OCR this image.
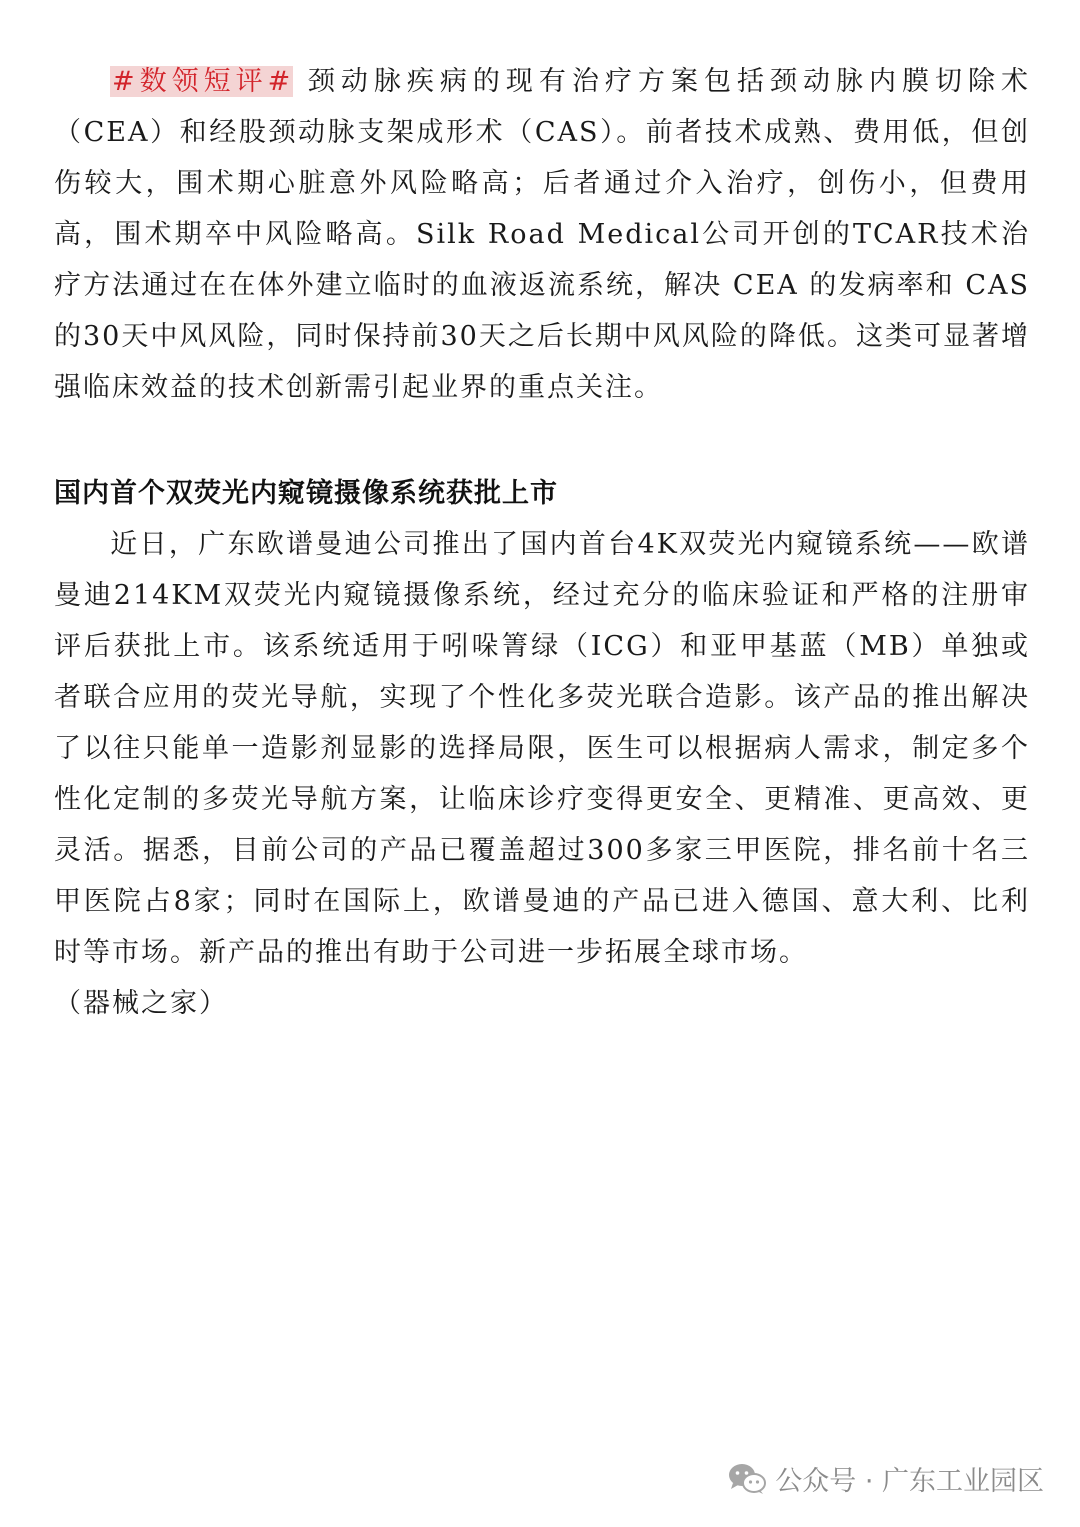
#数领短评# 颈动脉疾病的现有治疗方案包括颈动脉内膜切除术（CEA）和经股颈动脉支架成形术（CAS）。前者技术成熟、费用低，但创伤较大，围术期心脏意外风险略高；后者通过介入治疗，创伤小，但费用高，围术期卒中风险略高。Silk Road Medical公司开创的TCAR技术治疗方法通过在在体外建立临时的血液返流系统，解决 CEA 的发病率和 CAS 的30天中风风险，同时保持前30天之后长期中风风险的降低。这类可显著增强临床效益的技术创新需引起业界的重点关注。

国内首个双荧光内窥镜摄像系统获批上市

近日，广东欧谱曼迪公司推出了国内首台4K双荧光内窥镜系统——欧谱曼迪214KM双荧光内窥镜摄像系统，经过充分的临床验证和严格的注册审评后获批上市。该系统适用于吲哚箐绿（ICG）和亚甲基蓝（MB）单独或者联合应用的荧光导航，实现了个性化多荧光联合造影。该产品的推出解决了以往只能单一造影剂显影的选择局限，医生可以根据病人需求，制定多个性化定制的多荧光导航方案，让临床诊疗变得更安全、更精准、更高效、更灵活。据悉，目前公司的产品已覆盖超过300多家三甲医院，排名前十名三甲医院占8家；同时在国际上，欧谱曼迪的产品已进入德国、意大利、比利时等市场。新产品的推出有助于公司进一步拓展全球市场。

（器械之家）
公众号 · 广东工业园区
